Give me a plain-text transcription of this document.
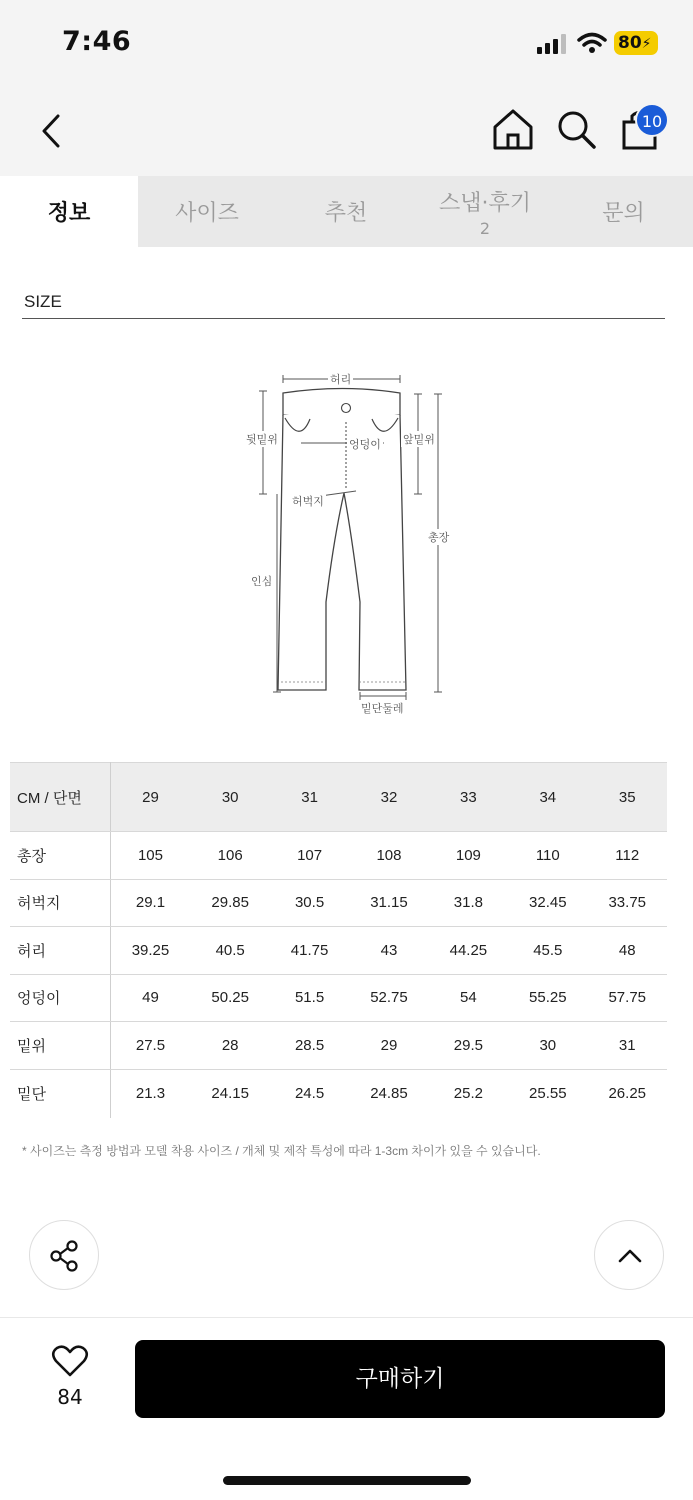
7:46	80⚡
10
정보	사이즈	추천	스냅·후기
2
문의
SIZE
허리
뒷밑위	엉덩이 앞밑위
허벅지
총장
인심
밑단둘레
CM / 단면	29	30	31	32	33	34	35
총장	105	106	107	108	109	110	112
허벅지	29.1	29.85	30.5	31.15	31.8	32.45	33.75
허리	39.25	40.5	41.75	43	44.25	45.5	48
엉덩이	49	50.25	51.5	52.75	54	55.25	57.75
밑위	27.5	28	28.5	29	29.5	30	31
밑단	21.3	24.15	24.5	24.85	25.2	25.55	26.25
* 사이즈는 측정 방법과 모델 착용 사이즈 / 개체 및 제작 특성에 따라 1-3cm 차이가 있을 수 있습니다.
84
구매하기
